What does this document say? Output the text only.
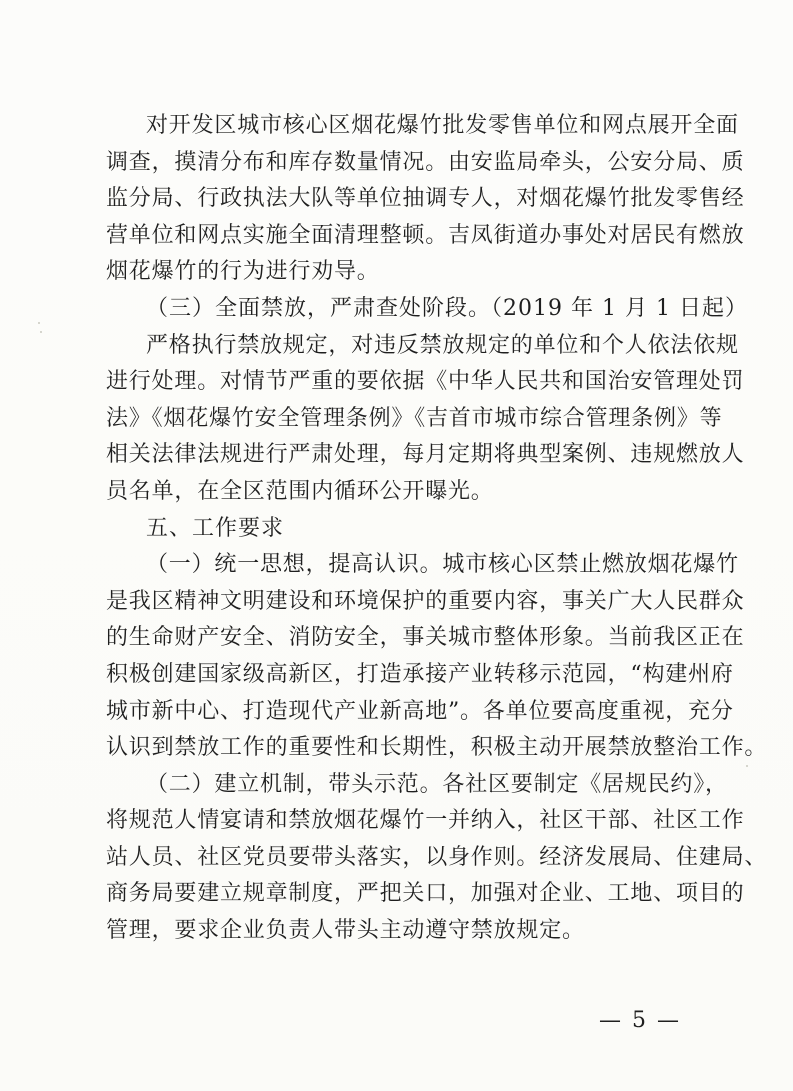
对开发区城市核心区烟花爆竹批发零售单位和网点展开全面
调查，摸清分布和库存数量情况。由安监局牵头，公安分局、质
监分局、行政执法大队等单位抽调专人，对烟花爆竹批发零售经
营单位和网点实施全面清理整顿。吉凤街道办事处对居民有燃放
烟花爆竹的行为进行劝导。

（三）全面禁放，严肃查处阶段。（2019 年 1 月 1 日起）

严格执行禁放规定，对违反禁放规定的单位和个人依法依规
进行处理。对情节严重的要依据《中华人民共和国治安管理处罚
法》《烟花爆竹安全管理条例》《吉首市城市综合管理条例》等
相关法律法规进行严肃处理，每月定期将典型案例、违规燃放人
员名单，在全区范围内循环公开曝光。

五、工作要求

（一）统一思想，提高认识。城市核心区禁止燃放烟花爆竹
是我区精神文明建设和环境保护的重要内容，事关广大人民群众
的生命财产安全、消防安全，事关城市整体形象。当前我区正在
积极创建国家级高新区，打造承接产业转移示范园，“构建州府
城市新中心、打造现代产业新高地”。各单位要高度重视，充分
认识到禁放工作的重要性和长期性，积极主动开展禁放整治工作。

（二）建立机制，带头示范。各社区要制定《居规民约》，
将规范人情宴请和禁放烟花爆竹一并纳入，社区干部、社区工作
站人员、社区党员要带头落实，以身作则。经济发展局、住建局、
商务局要建立规章制度，严把关口，加强对企业、工地、项目的
管理，要求企业负责人带头主动遵守禁放规定。

— 5 —
